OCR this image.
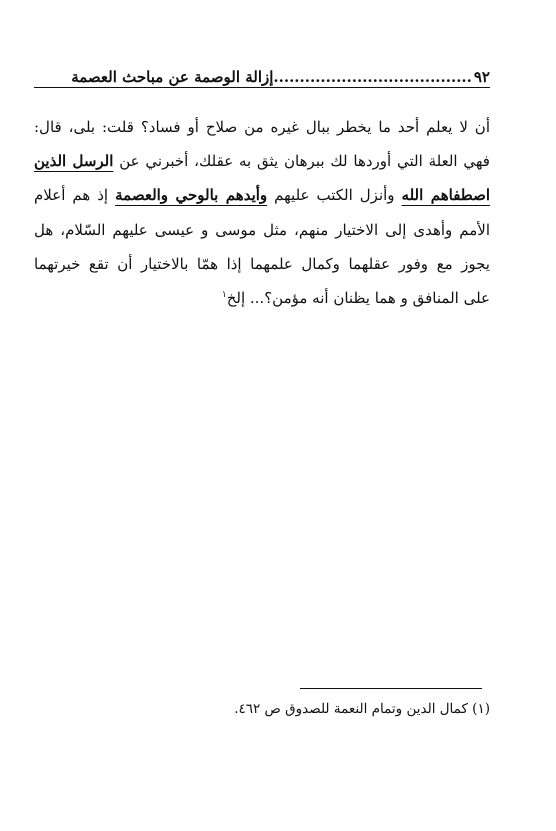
٩٢
......................................إزالة الوصمة عن مباحث العصمة
أن لا يعلم أحد ما يخطر ببال غيره من صلاح أو فساد؟ قلت: بلى، قال:
فهي العلة التي أوردها لك ببرهان يثق به عقلك، أخبرني عن الرسل الذين
اصطفاهم الله وأنزل الكتب عليهم وأيدهم بالوحي والعصمة إذ هم أعلام
الأمم وأهدى إلى الاختيار منهم، مثل موسى و عيسى عليهم السّلام، هل
يجوز مع وفور عقلهما وكمال علمهما إذا همّا بالاختيار أن تقع خيرتهما
على المنافق و هما يظنان أنه مؤمن؟... إلخ$^١$
(١) كمال الدين وتمام النعمة للصدوق ص ٤٦٢.
